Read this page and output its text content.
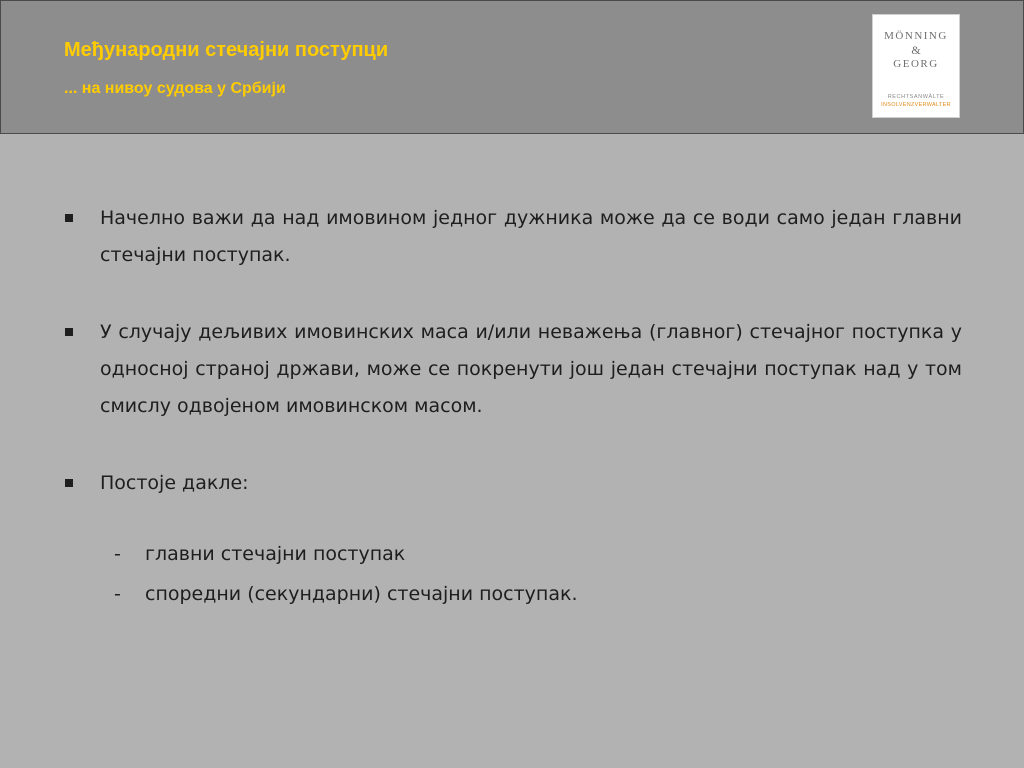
Међународни стечајни поступци
... на нивоу судова у Србији
MÖNNING
&
GEORG
RECHTSANWÄLTE
INSOLVENZVERWALTER
Начелно важи да над имовином једног дужника може да се води само један главни стечајни поступак.
У случају дељивих имовинских маса и/или неважења (главног) стечајног поступка у односној страној држави, може се покренути још један стечајни поступак над у том смислу одвојеном имовинском масом.
Постоје дакле:
- главни стечајни поступак
- споредни (секундарни) стечајни поступак.
